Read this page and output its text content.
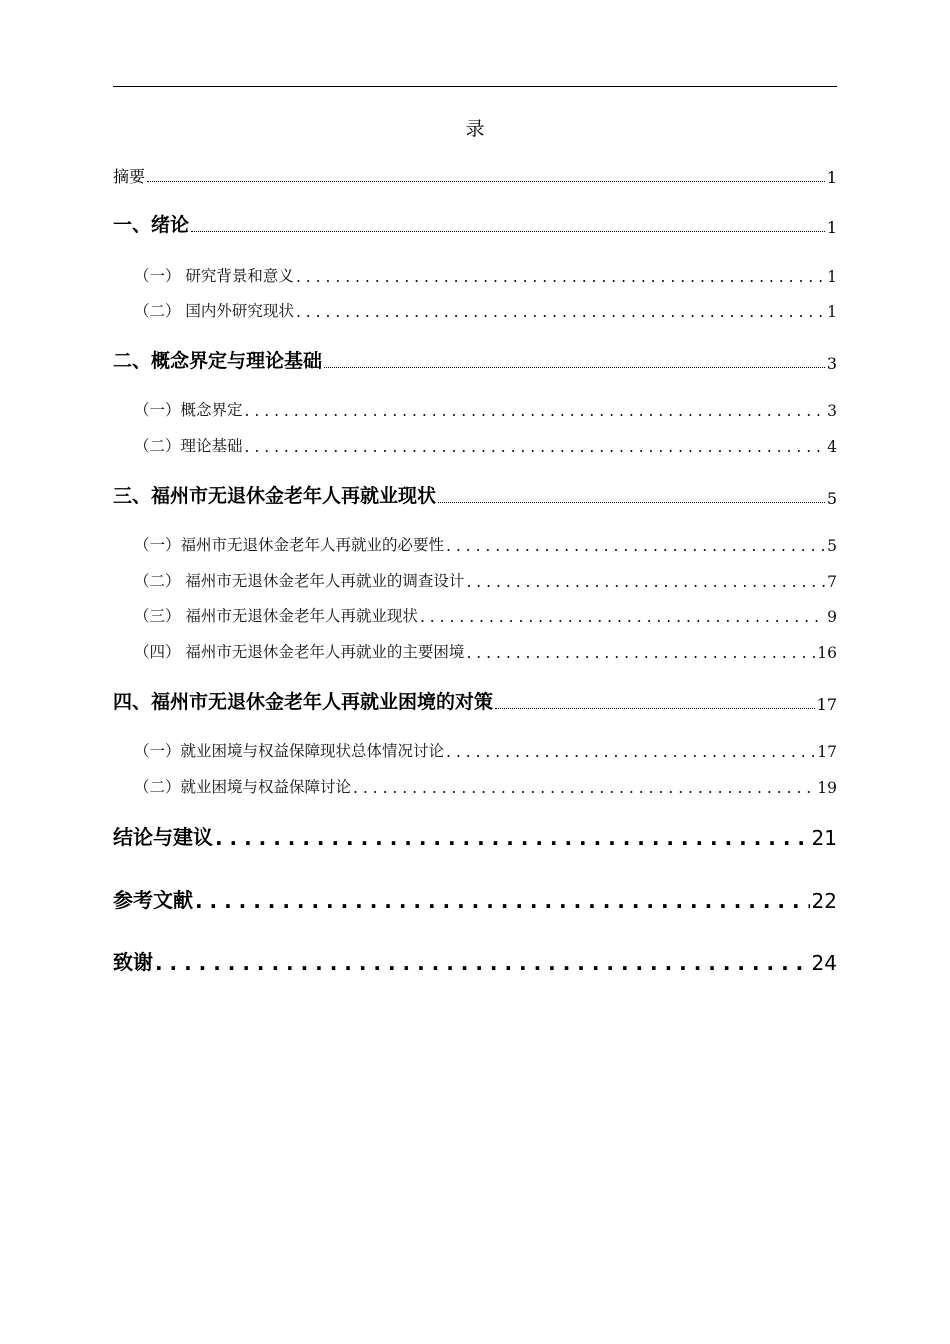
录
摘要	1
一、绪论	1
（一） 研究背景和意义 . . .	1
（二） 国内外研究现状 . . .	1
二、概念界定与理论基础	3
（一）概念界定 . . .	3
（二）理论基础 . . .	4
三、福州市无退休金老年人再就业现状	5
（一）福州市无退休金老年人再就业的必要性 . . .	5
（二） 福州市无退休金老年人再就业的调查设计 . . .	7
（三） 福州市无退休金老年人再就业现状 . . .	9
（四） 福州市无退休金老年人再就业的主要困境 . . .	16
四、福州市无退休金老年人再就业困境的对策	17
（一）就业困境与权益保障现状总体情况讨论 . . .	17
（二）就业困境与权益保障讨论 . . .	19
结论与建议 . . .	21
参考文献 . . .	22
致谢 . . .	24
